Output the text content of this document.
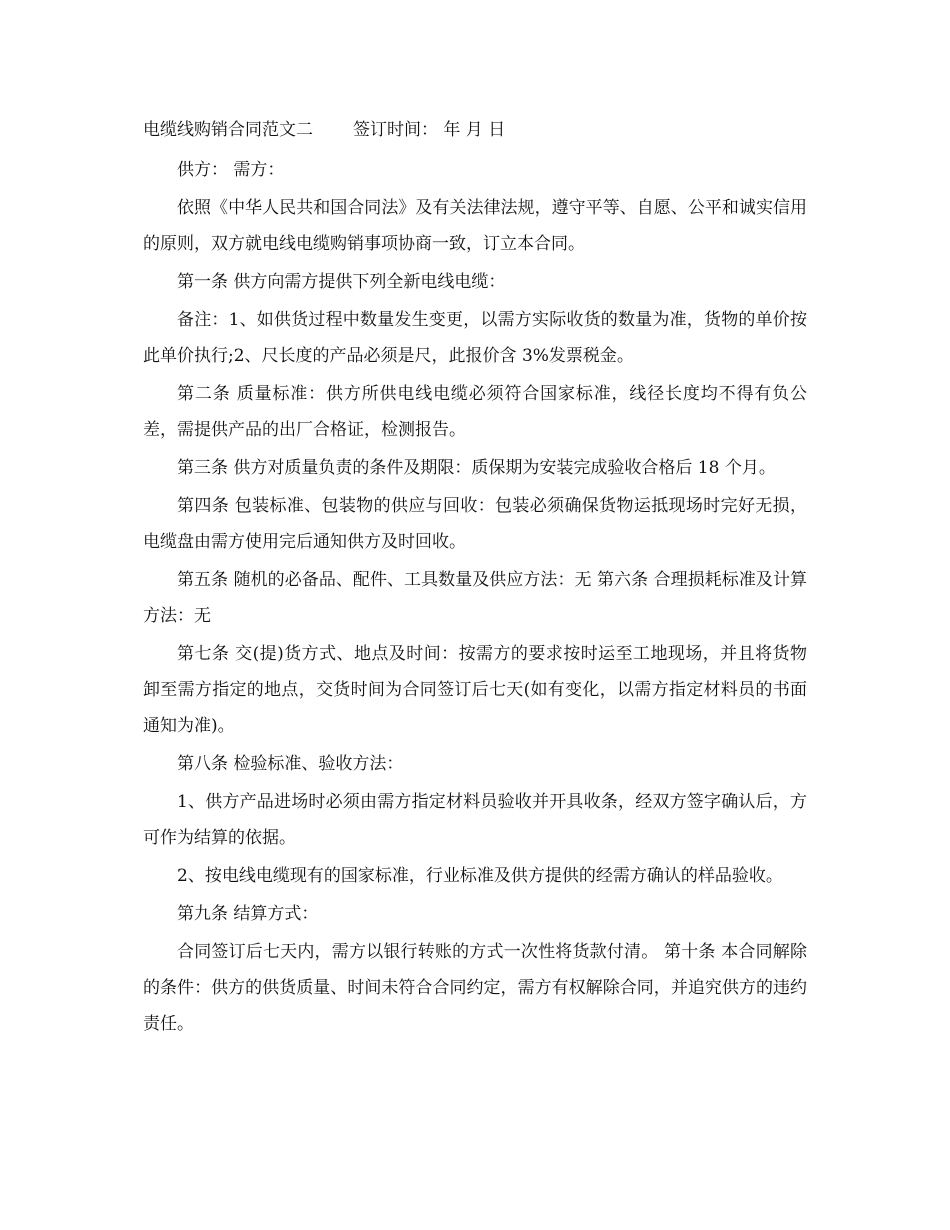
电缆线购销合同范文二 签订时间： 年 月 日

供方： 需方：

依照《中华人民共和国合同法》及有关法律法规，遵守平等、自愿、公平和诚实信用的原则，双方就电线电缆购销事项协商一致，订立本合同。

第一条 供方向需方提供下列全新电线电缆：

备注：1、如供货过程中数量发生变更，以需方实际收货的数量为准，货物的单价按此单价执行;2、尺长度的产品必须是尺，此报价含 3%发票税金。

第二条 质量标准：供方所供电线电缆必须符合国家标准，线径长度均不得有负公差，需提供产品的出厂合格证，检测报告。

第三条 供方对质量负责的条件及期限：质保期为安装完成验收合格后 18 个月。

第四条 包装标准、包装物的供应与回收：包装必须确保货物运抵现场时完好无损，电缆盘由需方使用完后通知供方及时回收。

第五条 随机的必备品、配件、工具数量及供应方法：无 第六条 合理损耗标准及计算方法：无

第七条 交(提)货方式、地点及时间：按需方的要求按时运至工地现场，并且将货物卸至需方指定的地点，交货时间为合同签订后七天(如有变化，以需方指定材料员的书面通知为准)。

第八条 检验标准、验收方法：

1、供方产品进场时必须由需方指定材料员验收并开具收条，经双方签字确认后，方可作为结算的依据。

2、按电线电缆现有的国家标准，行业标准及供方提供的经需方确认的样品验收。

第九条 结算方式：

合同签订后七天内，需方以银行转账的方式一次性将货款付清。 第十条 本合同解除的条件：供方的供货质量、时间未符合合同约定，需方有权解除合同，并追究供方的违约责任。
